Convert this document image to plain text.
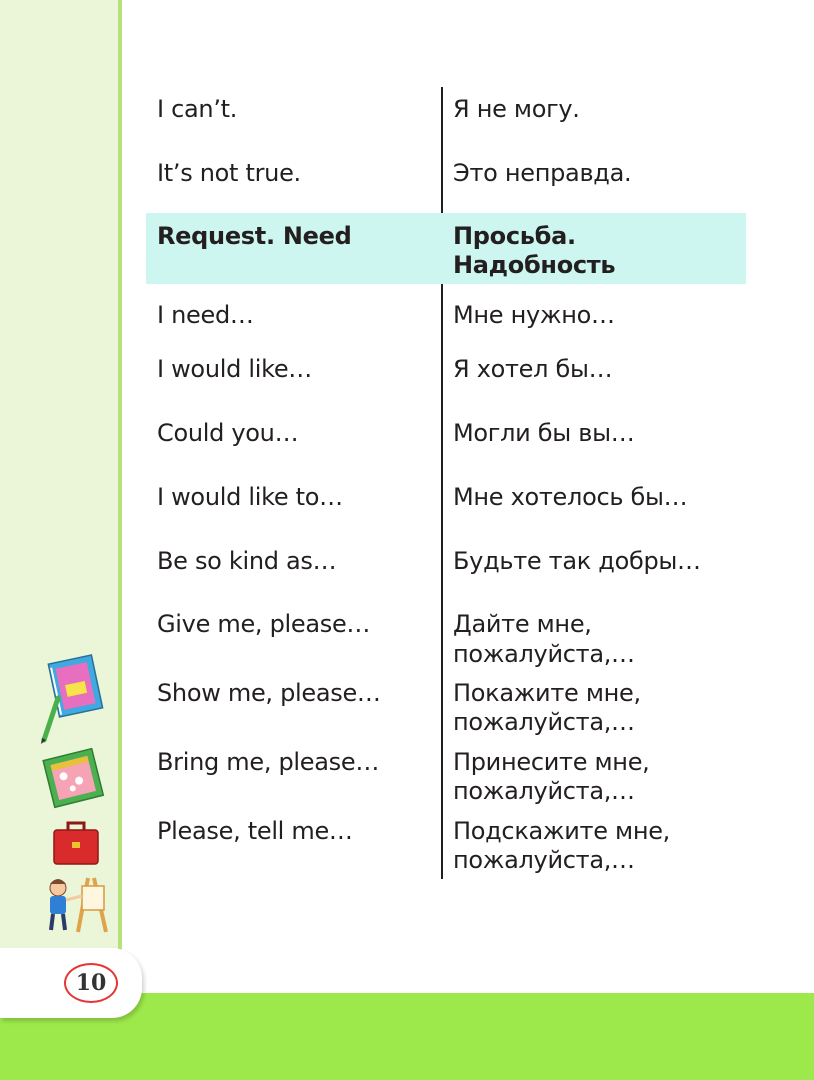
10
I can’t.	Я не могу.
It’s not true.	Это неправда.
Request. Need	Просьба.
Надобность
I need…	Мне нужно…
I would like…	Я хотел бы…
Could you…	Могли бы вы…
I would like to…	Мне хотелось бы…
Be so kind as…	Будьте так добры…
Give me, please…	Дайте мне,
пожалуйста,…
Show me, please…	Покажите мне,
пожалуйста,…
Bring me, please…	Принесите мне,
пожалуйста,…
Please, tell me…	Подскажите мне,
пожалуйста,…
